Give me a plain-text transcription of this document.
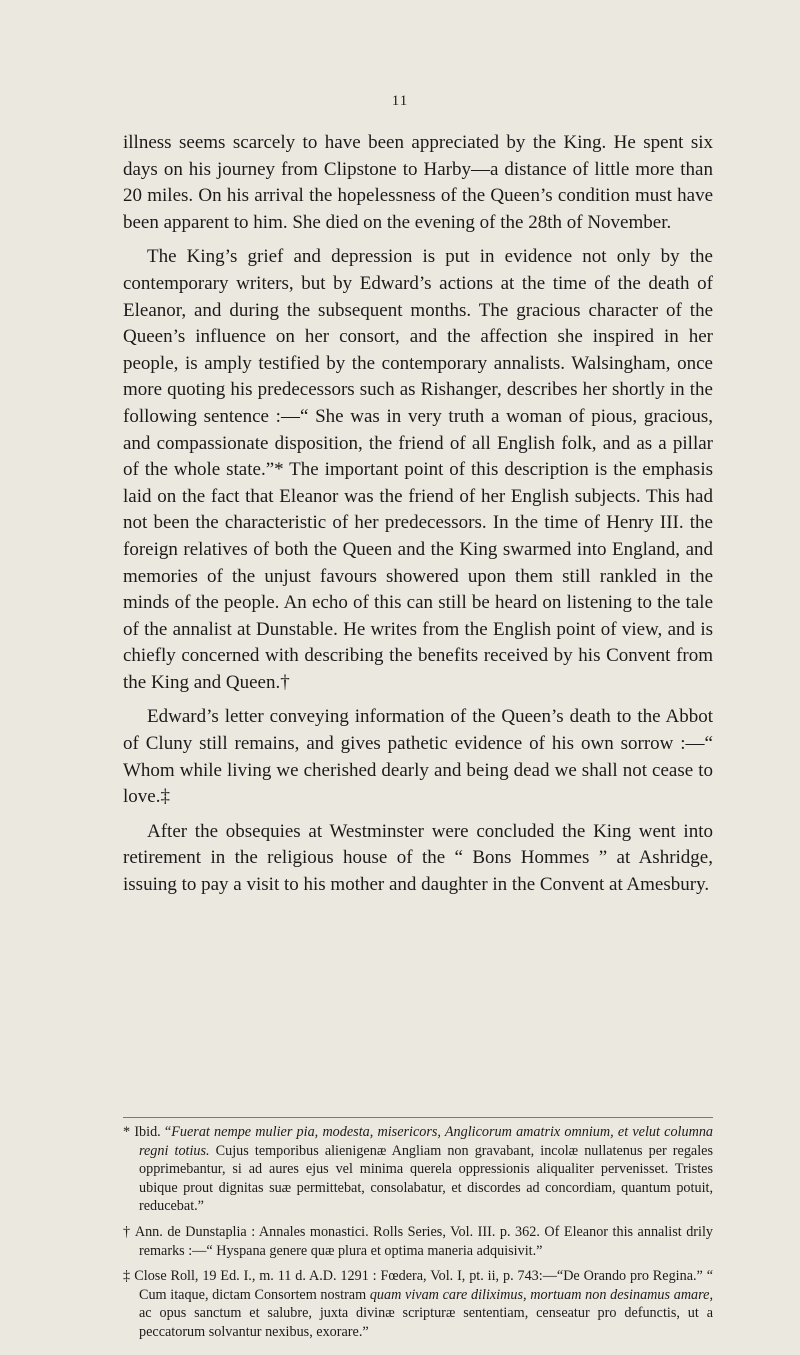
11

illness seems scarcely to have been appreciated by the King. He spent six days on his journey from Clipstone to Harby—a distance of little more than 20 miles. On his arrival the hopelessness of the Queen’s condition must have been apparent to him. She died on the evening of the 28th of November.

The King’s grief and depression is put in evidence not only by the contemporary writers, but by Edward’s actions at the time of the death of Eleanor, and during the subsequent months. The gracious character of the Queen’s influence on her consort, and the affection she inspired in her people, is amply testified by the contemporary annalists. Walsingham, once more quoting his predecessors such as Rishanger, describes her shortly in the following sentence :—“ She was in very truth a woman of pious, gracious, and compassionate disposition, the friend of all English folk, and as a pillar of the whole state.”* The important point of this description is the emphasis laid on the fact that Eleanor was the friend of her English subjects. This had not been the characteristic of her predecessors. In the time of Henry III. the foreign relatives of both the Queen and the King swarmed into England, and memories of the unjust favours showered upon them still rankled in the minds of the people. An echo of this can still be heard on listening to the tale of the annalist at Dunstable. He writes from the English point of view, and is chiefly concerned with describing the benefits received by his Convent from the King and Queen.†

Edward’s letter conveying information of the Queen’s death to the Abbot of Cluny still remains, and gives pathetic evidence of his own sorrow :—“ Whom while living we cherished dearly and being dead we shall not cease to love.‡

After the obsequies at Westminster were concluded the King went into retirement in the religious house of the “ Bons Hommes ” at Ashridge, issuing to pay a visit to his mother and daughter in the Convent at Amesbury.

* Ibid. “Fuerat nempe mulier pia, modesta, misericors, Anglicorum amatrix omnium, et velut columna regni totius. Cujus temporibus alienigenæ Angliam non gravabant, incolæ nullatenus per regales opprimebantur, si ad aures ejus vel minima querela oppressionis aliqualiter pervenisset. Tristes ubique prout dignitas suæ permittebat, consolabatur, et discordes ad concordiam, quantum potuit, reducebat.”

† Ann. de Dunstaplia : Annales monastici. Rolls Series, Vol. III. p. 362. Of Eleanor this annalist drily remarks :—“ Hyspana genere quæ plura et optima maneria adquisivit.”

‡ Close Roll, 19 Ed. I., m. 11 d. A.D. 1291 : Fœdera, Vol. I, pt. ii, p. 743:—“De Orando pro Regina.” “ Cum itaque, dictam Consortem nostram quam vivam care diliximus, mortuam non desinamus amare, ac opus sanctum et salubre, juxta divinæ scripturæ sententiam, censeatur pro defunctis, ut a peccatorum solvantur nexibus, exorare.”
